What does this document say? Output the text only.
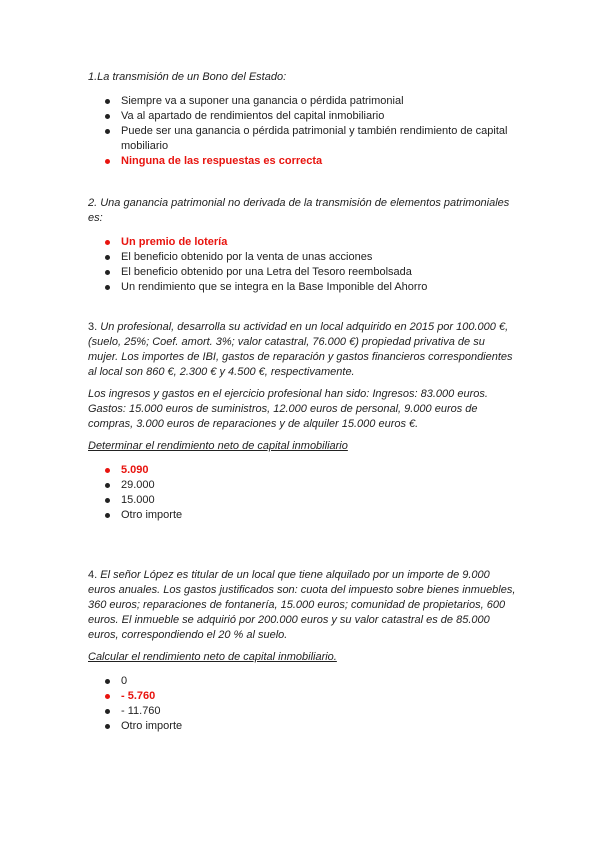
1.La transmisión de un Bono del Estado:

Siempre va a suponer una ganancia o pérdida patrimonial
Va al apartado de rendimientos del capital inmobiliario
Puede ser una ganancia o pérdida patrimonial y también rendimiento de capital mobiliario
Ninguna de las respuestas es correcta

2. Una ganancia patrimonial no derivada de la transmisión de elementos patrimoniales es:

Un premio de lotería
El beneficio obtenido por la venta de unas acciones
El beneficio obtenido por una Letra del Tesoro reembolsada
Un rendimiento que se integra en la Base Imponible del Ahorro

3. Un profesional, desarrolla su actividad en un local adquirido en 2015 por 100.000 €, (suelo, 25%; Coef. amort. 3%; valor catastral, 76.000 €) propiedad privativa de su mujer. Los importes de IBI, gastos de reparación y gastos financieros correspondientes al local son 860 €, 2.300 € y 4.500 €, respectivamente.

Los ingresos y gastos en el ejercicio profesional han sido: Ingresos: 83.000 euros. Gastos: 15.000 euros de suministros, 12.000 euros de personal, 9.000 euros de compras, 3.000 euros de reparaciones y de alquiler 15.000 euros €.

Determinar el rendimiento neto de capital inmobiliario

5.090
29.000
15.000
Otro importe

4. El señor López es titular de un local que tiene alquilado por un importe de 9.000 euros anuales. Los gastos justificados son: cuota del impuesto sobre bienes inmuebles, 360 euros; reparaciones de fontanería, 15.000 euros; comunidad de propietarios, 600 euros. El inmueble se adquirió por 200.000 euros y su valor catastral es de 85.000 euros, correspondiendo el 20 % al suelo.

Calcular el rendimiento neto de capital inmobiliario.

0
- 5.760
- 11.760
Otro importe
